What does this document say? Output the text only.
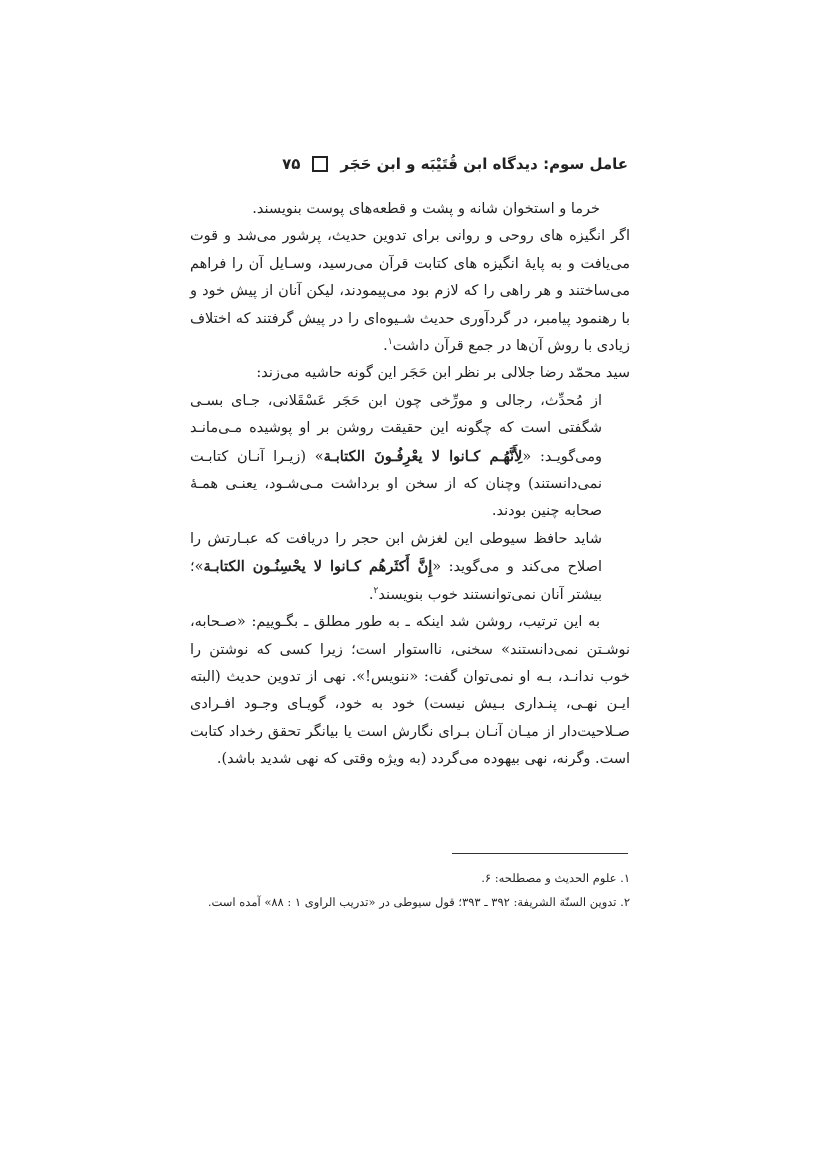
عامل سوم: دیدگاه ابن قُتَیْبَه و ابن حَجَر
۷۵

خرما و استخوان شانه و پشت و قطعه‌های پوست بنویسند.

اگر انگیزه های روحی و روانی برای تدوین حدیث، پرشور می‌شد و قوت می‌یافت و به پایهٔ انگیزه های کتابت قرآن می‌رسید، وسـایل آن را فراهم می‌ساختند و هر راهی را که لازم بود می‌پیمودند، لیکن آنان از پیش خود و با رهنمود پیامبر، در گردآوری حدیث شـیوه‌ای را در پیش گرفتند که اختلاف زیادی با روش آن‌ها در جمع قرآن داشت$^۱$.

سید محمّد رضا جلالی بر نظر ابن حَجَر این گونه حاشیه می‌زند:

از مُحدِّث، رجالی و مورِّخی چون ابن حَجَر عَسْقَلانی، جـای بسـی شگفتی است که چگونه این حقیقت روشن بر او پوشیده مـی‌مانـد ومی‌گویـد: «لِأَنَّهُـم كـانوا لا يعْرِفُـونَ الكتابـة» (زیـرا آنـان کتابـت نمی‌دانستند) وچنان که از سخن او برداشت مـی‌شـود، یعنـی همـهٔ صحابه چنین بودند.

شاید حافظ سیوطی این لغزش ابن حجر را دریافت که عبـارتش را اصلاح می‌کند و می‌گوید: «إِنَّ أَكثَرهُم كـانوا لا يحْسِنُـون الكتابـة»؛ بیشتر آنان نمی‌توانستند خوب بنویسند$^۲$.

به این ترتیب، روشن شد اینکه ـ به طور مطلق ـ بگـوییم: «صـحابه، نوشـتن نمی‌دانستند» سخنی، نااستوار است؛ زیرا کسی که نوشتن را خوب ندانـد، بـه او نمی‌توان گفت: «ننویس!». نهی از تدوین حدیث (البته ایـن نهـی، پنـداری بـیش نیست) خود به خود، گویـای وجـود افـرادی صـلاحیت‌دار از میـان آنـان بـرای نگارش است یا بیانگر تحقق رخداد کتابت است. وگرنه، نهی بیهوده می‌گردد (به ویژه وقتی که نهی شدید باشد).

۱. علوم الحدیث و مصطلحه: ۶.

۲. تدوین السنّة الشریفة: ۳۹۲ ـ ۳۹۳؛ قول سیوطی در «تدریب الراوی ۱ : ۸۸» آمده است.
